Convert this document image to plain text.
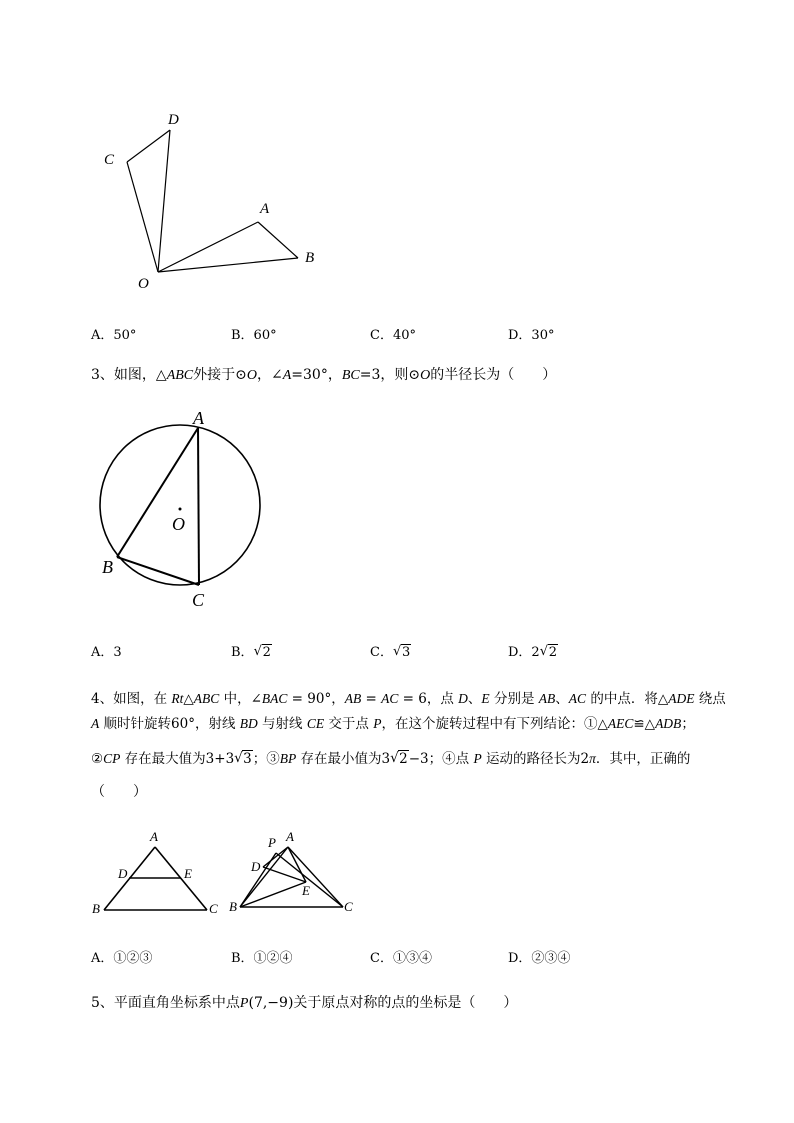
D
C
A
B
O
A．50°	B．60°	C．40°	D．30°
3、如图，△ABC外接于⊙O，∠A=30°，BC=3，则⊙O的半径长为（　　）
A
B
C
O
A．3	B． √ 2	C． √ 3	D．2 √ 2
4、如图，在 Rt△ABC 中，∠BAC = 90°，AB = AC = 6，点 D、E 分别是 AB、AC 的中点．将△ADE 绕点
A 顺时针旋转60°，射线 BD 与射线 CE 交于点 P，在这个旋转过程中有下列结论：①△AEC≌△ADB；
②CP 存在最大值为3+3 √ 3；③BP 存在最小值为3 √ 2−3；④点 P 运动的路径长为2π．其中，正确的
（　　）
A
D	E
B	C
P A
D
E
B	C
A．①②③	B．①②④	C．①③④	D．②③④
5、平面直角坐标系中点P(7,−9)关于原点对称的点的坐标是（　　）
